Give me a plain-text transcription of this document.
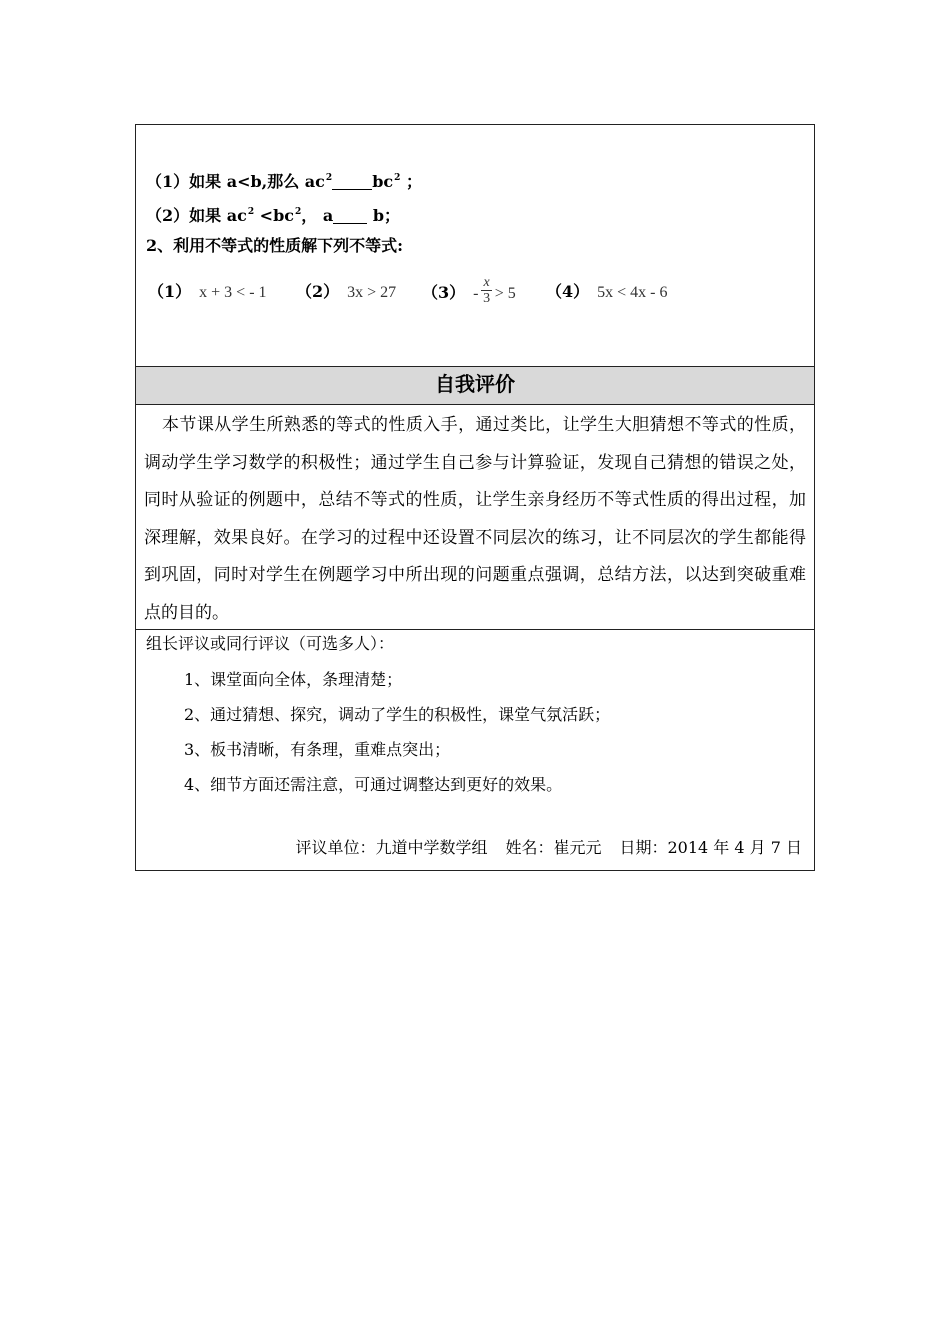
（1）如果 a<b,那么 $ac^2$	$bc^2$ ；
（2）如果 $ac^2 <bc^2$， a b；
2、利用不等式的性质解下列不等式:
（1） x + 3 < - 1 （2） 3x > 27 $(3) - \frac{x}{3} > 5$ （4） 5x < 4x - 6
自我评价
本节课从学生所熟悉的等式的性质入手，通过类比，让学生大胆猜想不等式的性质，调动学生学习数学的积极性；通过学生自己参与计算验证，发现自己猜想的错误之处，同时从验证的例题中，总结不等式的性质，让学生亲身经历不等式性质的得出过程，加深理解，效果良好。在学习的过程中还设置不同层次的练习，让不同层次的学生都能得到巩固，同时对学生在例题学习中所出现的问题重点强调，总结方法，以达到突破重难点的目的。
组长评议或同行评议（可选多人）：
1、课堂面向全体，条理清楚；
2、通过猜想、探究，调动了学生的积极性，课堂气氛活跃；
3、板书清晰，有条理，重难点突出；
4、细节方面还需注意，可通过调整达到更好的效果。
评议单位：九道中学数学组 姓名：崔元元 日期：2014 年 4 月 7 日
